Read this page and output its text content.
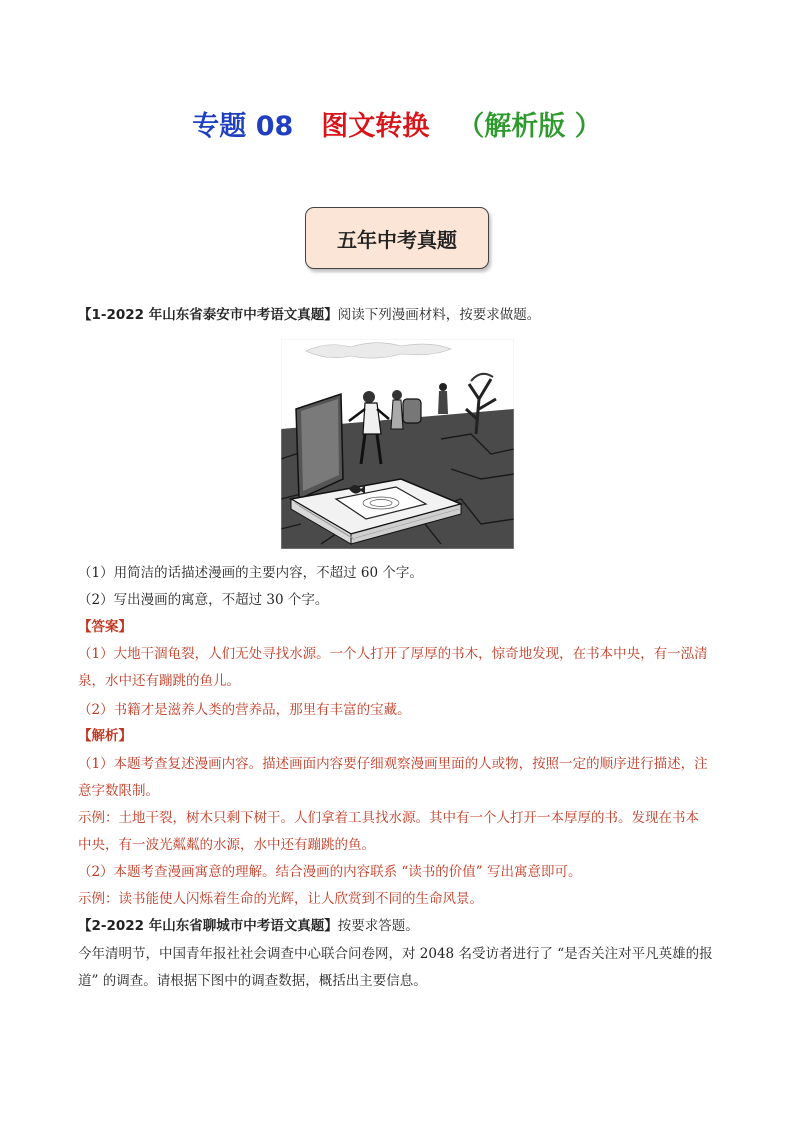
专题 08 图文转换 （解析版 ）
五年中考真题
【1-2022 年山东省泰安市中考语文真题】阅读下列漫画材料，按要求做题。
（1）用简洁的话描述漫画的主要内容，不超过 60 个字。
（2）写出漫画的寓意，不超过 30 个字。
【答案】
（1）大地干涸龟裂，人们无处寻找水源。一个人打开了厚厚的书木，惊奇地发现，在书本中央，有一泓清
泉，水中还有蹦跳的鱼儿。
（2）书籍才是滋养人类的营养品，那里有丰富的宝藏。
【解析】
（1）本题考查复述漫画内容。描述画面内容要仔细观察漫画里面的人或物，按照一定的顺序进行描述，注
意字数限制。
示例：土地干裂，树木只剩下树干。人们拿着工具找水源。其中有一个人打开一本厚厚的书。发现在书本
中央，有一波光粼粼的水源，水中还有蹦跳的鱼。
（2）本题考查漫画寓意的理解。结合漫画的内容联系 “读书的价值” 写出寓意即可。
示例：读书能使人闪烁着生命的光辉，让人欣赏到不同的生命风景。
【2-2022 年山东省聊城市中考语文真题】按要求答题。
今年清明节，中国青年报社社会调查中心联合问卷网，对 2048 名受访者进行了 “是否关注对平凡英雄的报
道” 的调查。请根据下图中的调查数据，概括出主要信息。
